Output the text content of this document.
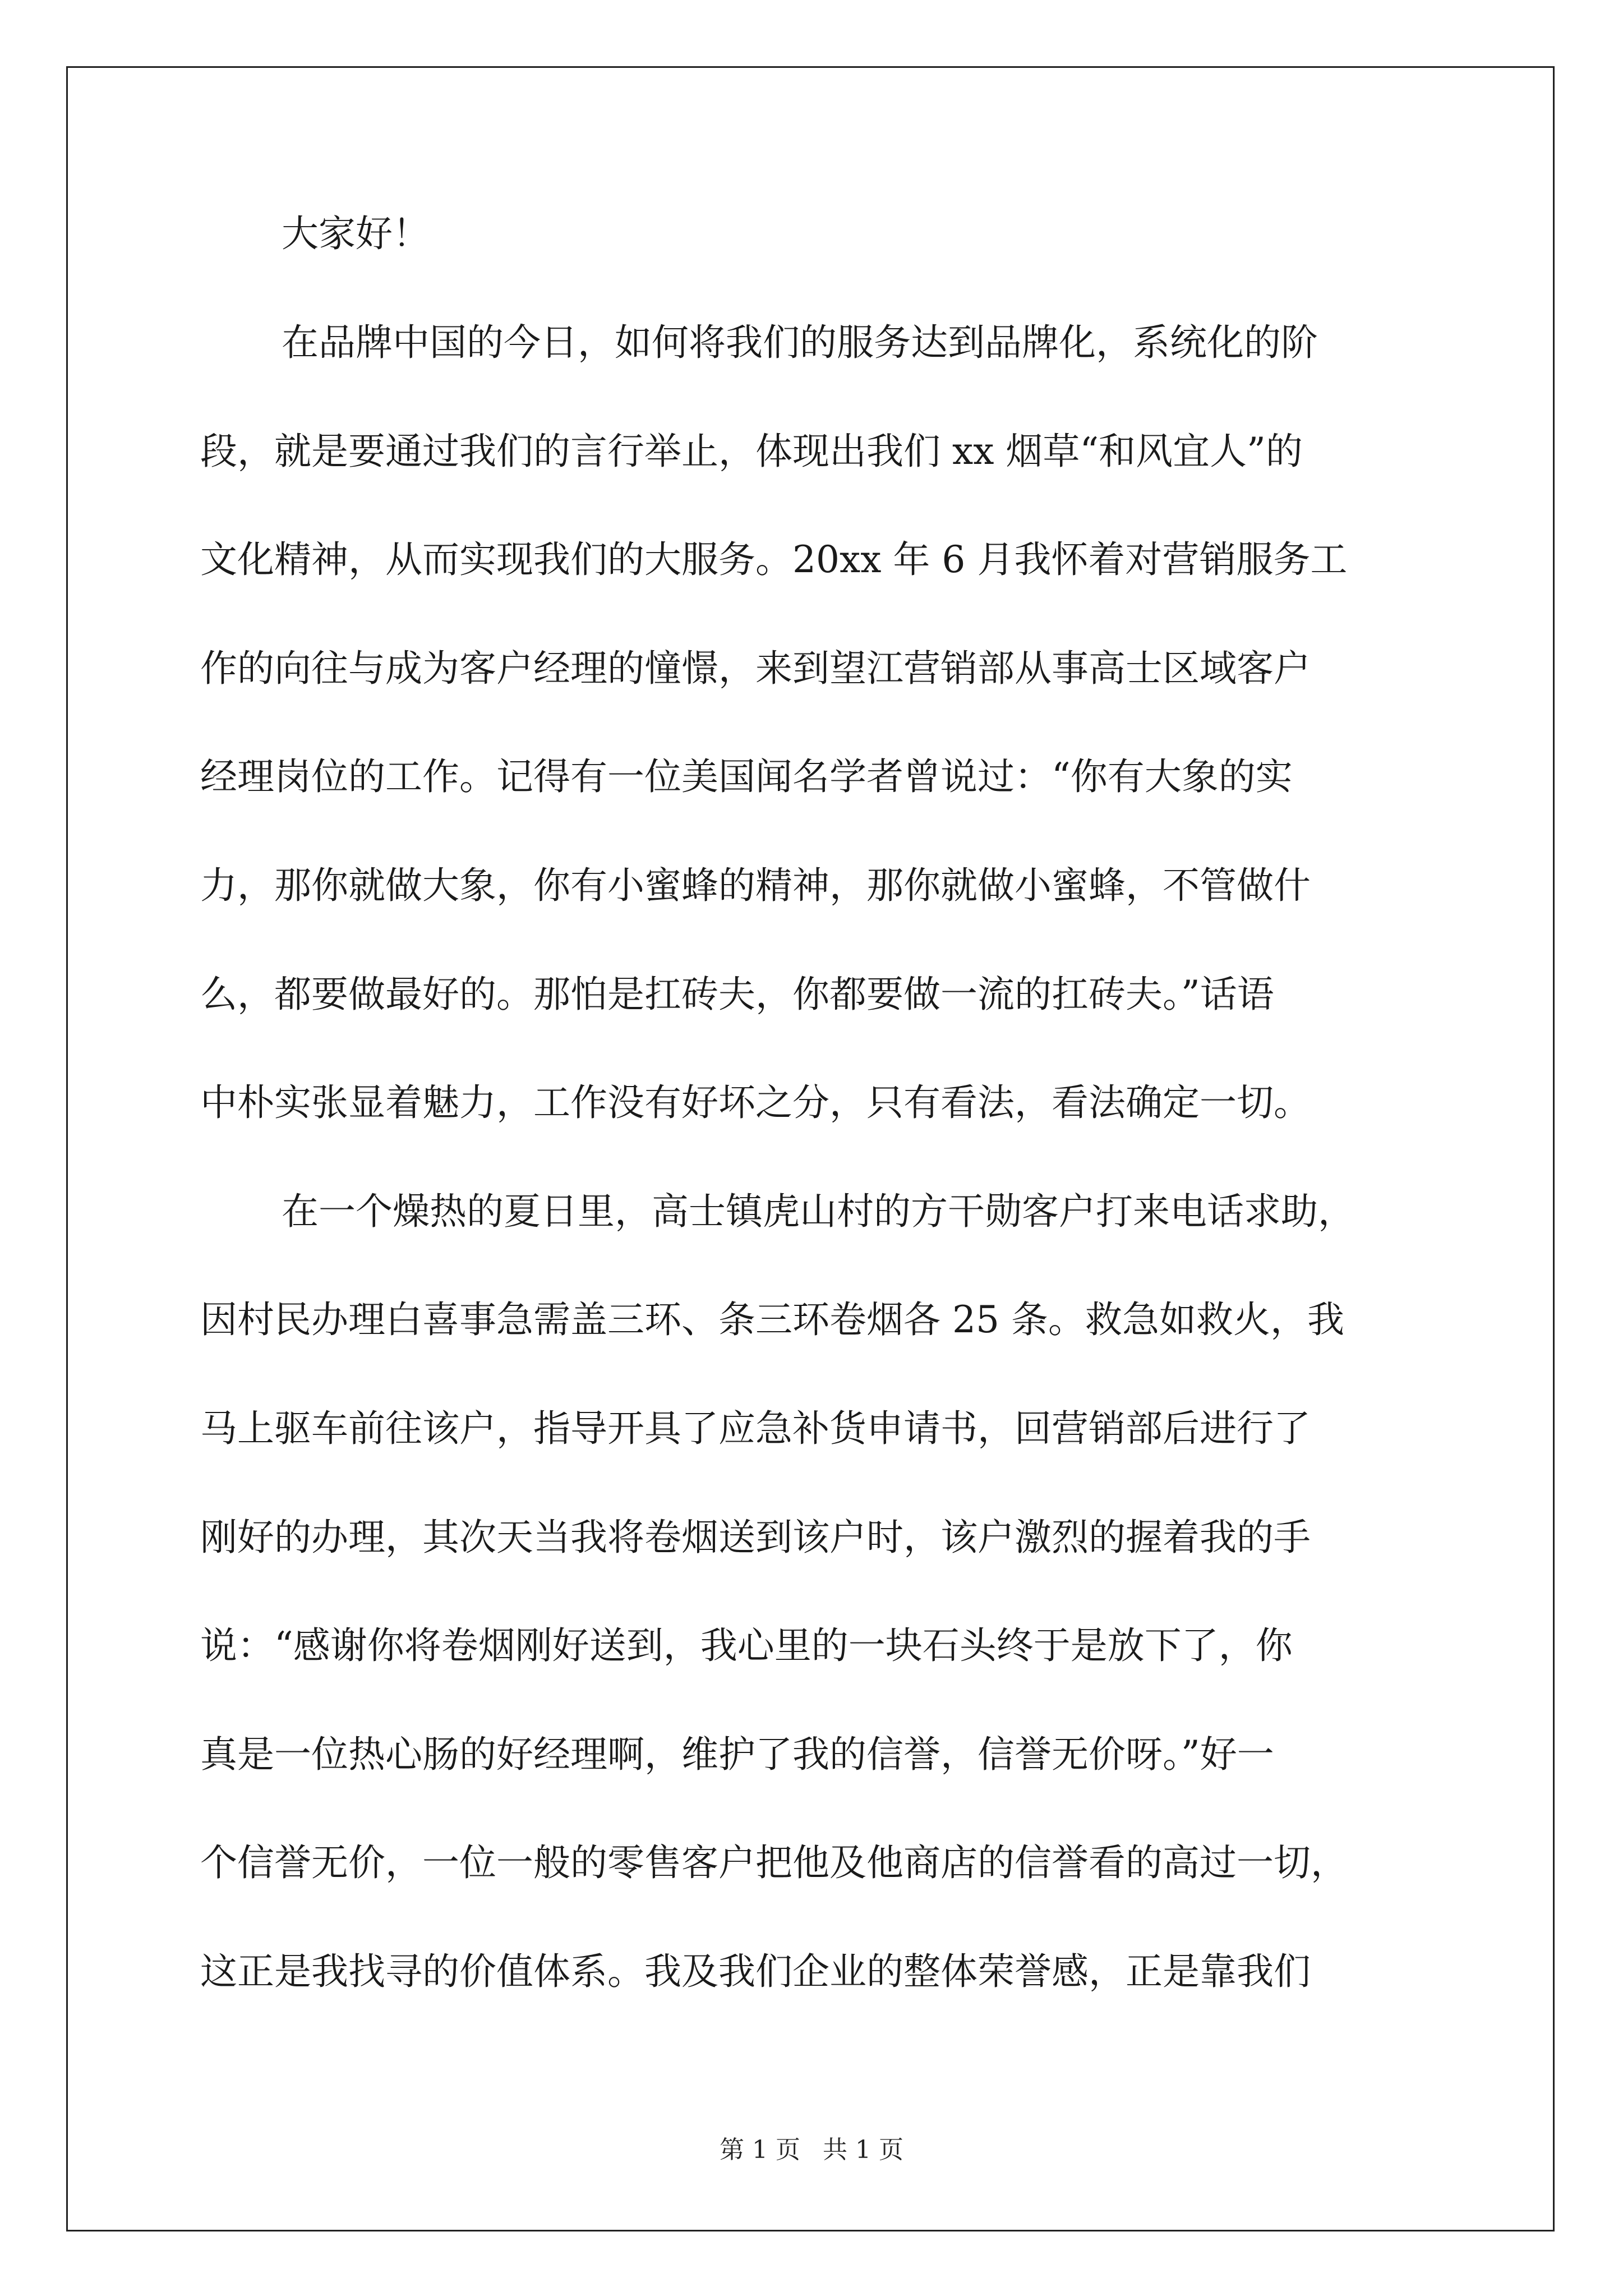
大家好！
在品牌中国的今日，如何将我们的服务达到品牌化，系统化的阶
段，就是要通过我们的言行举止，体现出我们 xx 烟草“和风宜人”的
文化精神，从而实现我们的大服务。20xx 年 6 月我怀着对营销服务工
作的向往与成为客户经理的憧憬，来到望江营销部从事高士区域客户
经理岗位的工作。记得有一位美国闻名学者曾说过：“你有大象的实
力，那你就做大象，你有小蜜蜂的精神，那你就做小蜜蜂，不管做什
么，都要做最好的。那怕是扛砖夫，你都要做一流的扛砖夫。”话语
中朴实张显着魅力，工作没有好坏之分，只有看法，看法确定一切。
在一个燥热的夏日里，高士镇虎山村的方干勋客户打来电话求助，
因村民办理白喜事急需盖三环、条三环卷烟各 25 条。救急如救火，我
马上驱车前往该户，指导开具了应急补货申请书，回营销部后进行了
刚好的办理，其次天当我将卷烟送到该户时，该户激烈的握着我的手
说：“感谢你将卷烟刚好送到，我心里的一块石头终于是放下了，你
真是一位热心肠的好经理啊，维护了我的信誉，信誉无价呀。”好一
个信誉无价，一位一般的零售客户把他及他商店的信誉看的高过一切，
这正是我找寻的价值体系。我及我们企业的整体荣誉感，正是靠我们
第 1 页 共 1 页
